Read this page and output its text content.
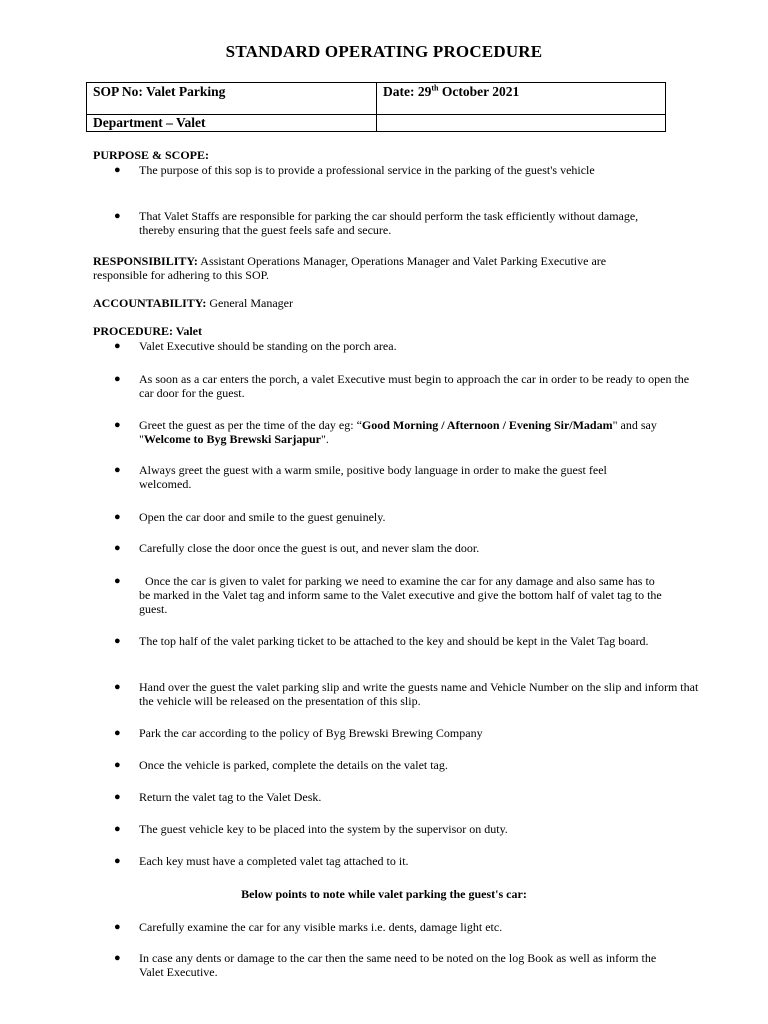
STANDARD OPERATING PROCEDURE
SOP No: Valet Parking	Date: 29th October 2021
Department – Valet	
PURPOSE & SCOPE:
● The purpose of this sop is to provide a professional service in the parking of the guest's vehicle
● That Valet Staffs are responsible for parking the car should perform the task efficiently without damage, thereby ensuring that the guest feels safe and secure.
RESPONSIBILITY: Assistant Operations Manager, Operations Manager and Valet Parking Executive are responsible for adhering to this SOP.
ACCOUNTABILITY: General Manager
PROCEDURE: Valet
● Valet Executive should be standing on the porch area.
● As soon as a car enters the porch, a valet Executive must begin to approach the car in order to be ready to open the car door for the guest.
● Greet the guest as per the time of the day eg: “Good Morning / Afternoon / Evening Sir/Madam" and say "Welcome to Byg Brewski Sarjapur".
● Always greet the guest with a warm smile, positive body language in order to make the guest feel welcomed.
● Open the car door and smile to the guest genuinely.
● Carefully close the door once the guest is out, and never slam the door.
● Once the car is given to valet for parking we need to examine the car for any damage and also same has to be marked in the Valet tag and inform same to the Valet executive and give the bottom half of valet tag to the guest.
● The top half of the valet parking ticket to be attached to the key and should be kept in the Valet Tag board.
● Hand over the guest the valet parking slip and write the guests name and Vehicle Number on the slip and inform that the vehicle will be released on the presentation of this slip.
● Park the car according to the policy of Byg Brewski Brewing Company
● Once the vehicle is parked, complete the details on the valet tag.
● Return the valet tag to the Valet Desk.
● The guest vehicle key to be placed into the system by the supervisor on duty.
● Each key must have a completed valet tag attached to it.
Below points to note while valet parking the guest's car:
● Carefully examine the car for any visible marks i.e. dents, damage light etc.
● In case any dents or damage to the car then the same need to be noted on the log Book as well as inform the Valet Executive.
